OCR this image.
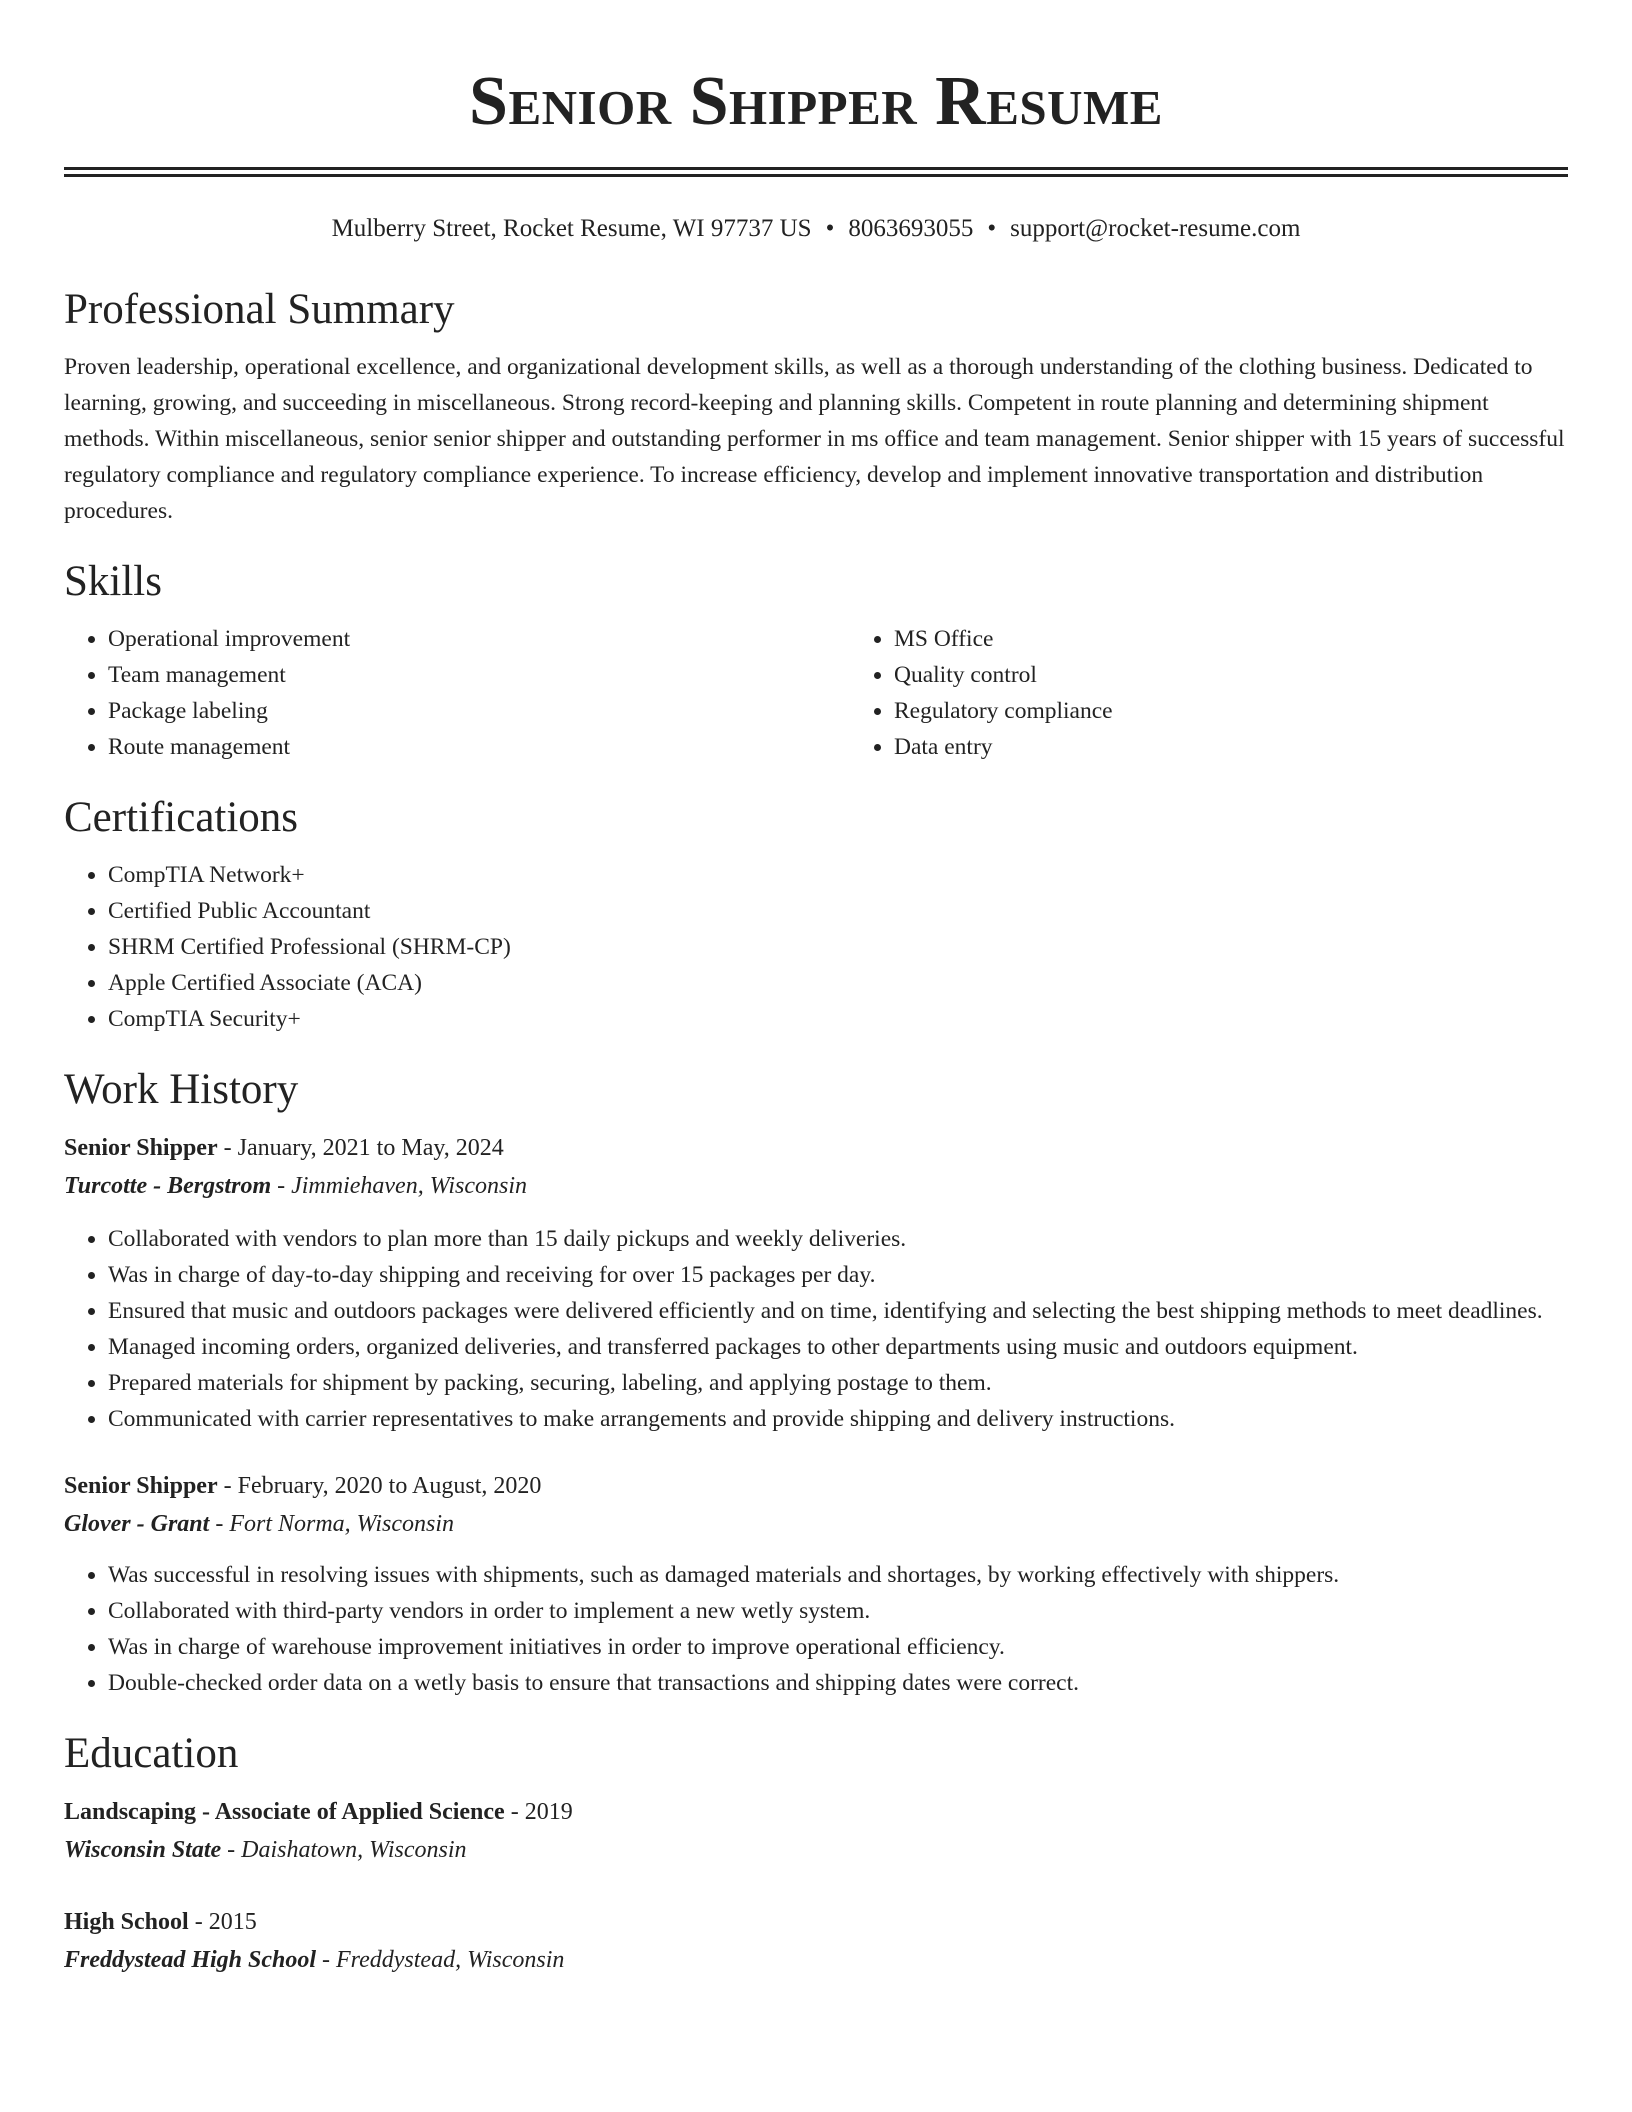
Senior Shipper Resume
Mulberry Street, Rocket Resume, WI 97737 US • 8063693055 • support@rocket-resume.com
Professional Summary

Proven leadership, operational excellence, and organizational development skills, as well as a thorough understanding of the clothing business. Dedicated to learning, growing, and succeeding in miscellaneous. Strong record-keeping and planning skills. Competent in route planning and determining shipment methods. Within miscellaneous, senior senior shipper and outstanding performer in ms office and team management. Senior shipper with 15 years of successful regulatory compliance and regulatory compliance experience. To increase efficiency, develop and implement innovative transportation and distribution procedures.

Skills
• Operational improvement
• Team management
• Package labeling
• Route management
• MS Office
• Quality control
• Regulatory compliance
• Data entry
Certifications
• CompTIA Network+
• Certified Public Accountant
• SHRM Certified Professional (SHRM-CP)
• Apple Certified Associate (ACA)
• CompTIA Security+
Work History
Senior Shipper - January, 2021 to May, 2024
Turcotte - Bergstrom - Jimmiehaven, Wisconsin
• Collaborated with vendors to plan more than 15 daily pickups and weekly deliveries.
• Was in charge of day-to-day shipping and receiving for over 15 packages per day.
• Ensured that music and outdoors packages were delivered efficiently and on time, identifying and selecting the best shipping methods to meet deadlines.
• Managed incoming orders, organized deliveries, and transferred packages to other departments using music and outdoors equipment.
• Prepared materials for shipment by packing, securing, labeling, and applying postage to them.
• Communicated with carrier representatives to make arrangements and provide shipping and delivery instructions.
Senior Shipper - February, 2020 to August, 2020
Glover - Grant - Fort Norma, Wisconsin
• Was successful in resolving issues with shipments, such as damaged materials and shortages, by working effectively with shippers.
• Collaborated with third-party vendors in order to implement a new wetly system.
• Was in charge of warehouse improvement initiatives in order to improve operational efficiency.
• Double-checked order data on a wetly basis to ensure that transactions and shipping dates were correct.
Education
Landscaping - Associate of Applied Science - 2019
Wisconsin State - Daishatown, Wisconsin
High School - 2015
Freddystead High School - Freddystead, Wisconsin
